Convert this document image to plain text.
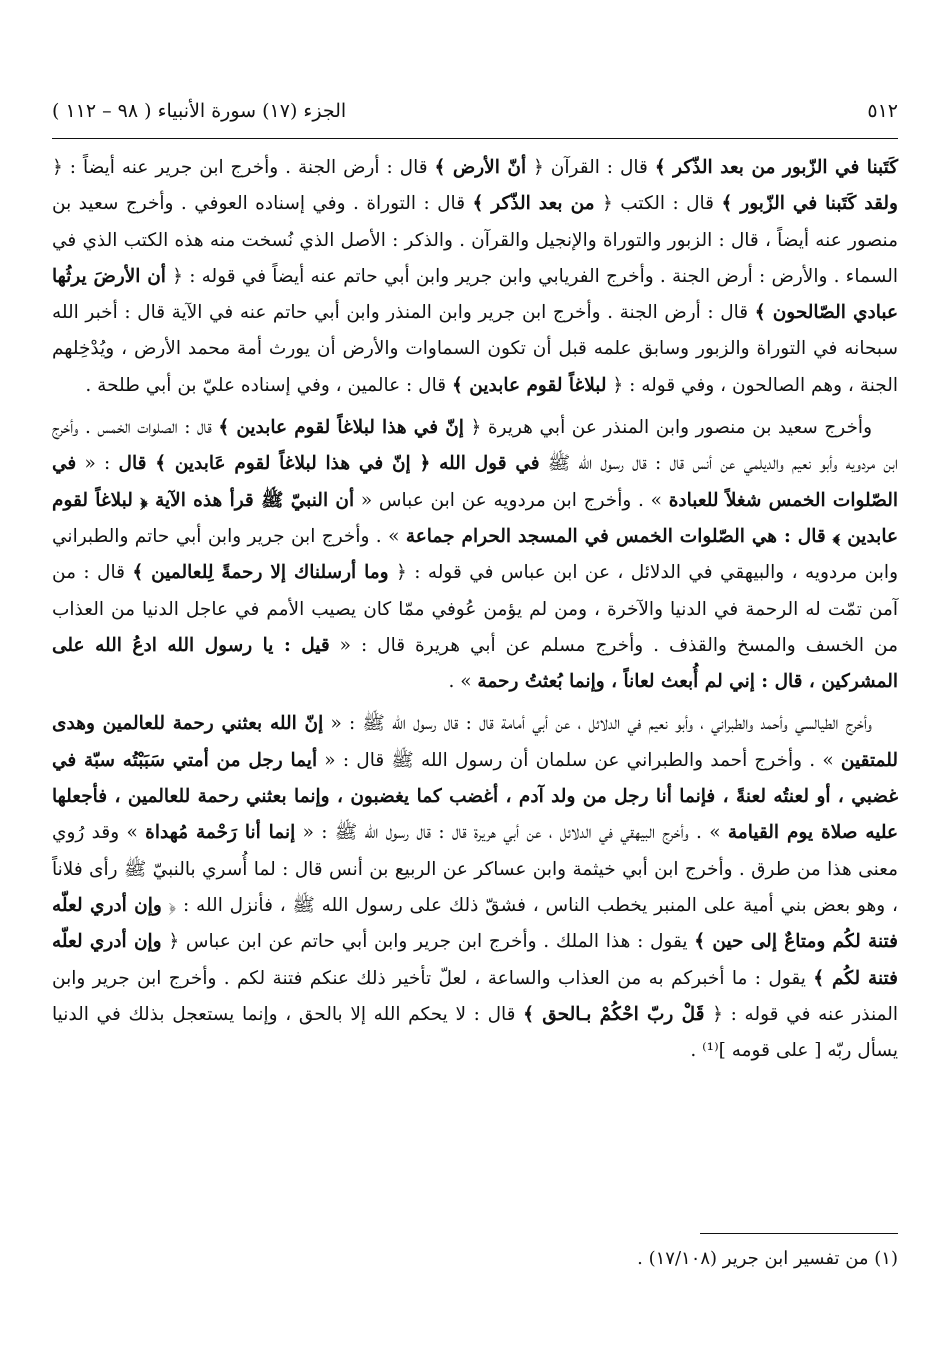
٥١٢
الجزء (١٧) سورة الأنبياء ( ٩٨ – ١١٢ )

كَتَبنا في الزّبور من بعد الذّكر ﴾ قال : القرآن ﴿ أنّ الأرض ﴾ قال : أرض الجنة . وأخرج ابن جرير عنه أيضاً : ﴿ ولقد كَتَبنا في الزّبور ﴾ قال : الكتب ﴿ من بعد الذّكر ﴾ قال : التوراة . وفي إسناده العوفي . وأخرج سعيد بن منصور عنه أيضاً ، قال : الزبور والتوراة والإنجيل والقرآن . والذكر : الأصل الذي نُسخت منه هذه الكتب الذي في السماء . والأرض : أرض الجنة . وأخرج الفريابي وابن جرير وابن أبي حاتم عنه أيضاً في قوله : ﴿ أن الأرضَ يرثُها عبادي الصّالحون ﴾ قال : أرض الجنة . وأخرج ابن جرير وابن المنذر وابن أبي حاتم عنه في الآية قال : أخبر الله سبحانه في التوراة والزبور وسابق علمه قبل أن تكون السماوات والأرض أن يورث أمة محمد الأرض ، ويُدْخِلهم الجنة ، وهم الصالحون ، وفي قوله : ﴿ لبلاغاً لقوم عابدين ﴾ قال : عالمين ، وفي إسناده عليّ بن أبي طلحة .

وأخرج سعيد بن منصور وابن المنذر عن أبي هريرة ﴿ إنّ في هذا لبلاغاً لقوم عابدين ﴾ قال : الصلوات الخمس . وأخرج ابن مردويه وأبو نعيم والديلمي عن أنس قال : قال رسول الله ﷺ في قول الله ﴿ إنّ في هذا لبلاغاً لقوم عَابدين ﴾ قال : « في الصّلوات الخمس شغلاً للعبادة » . وأخرج ابن مردويه عن ابن عباس « أن النبيّ ﷺ قرأ هذه الآية ﴿ لبلاغاً لقوم عابدين ﴾ قال : هي الصّلوات الخمس في المسجد الحرام جماعة » . وأخرج ابن جرير وابن أبي حاتم والطبراني وابن مردويه ، والبيهقي في الدلائل ، عن ابن عباس في قوله : ﴿ وما أرسلناك إلا رحمةً لِلعالمين ﴾ قال : من آمن تمّت له الرحمة في الدنيا والآخرة ، ومن لم يؤمن عُوفي ممّا كان يصيب الأمم في عاجل الدنيا من العذاب من الخسف والمسخ والقذف . وأخرج مسلم عن أبي هريرة قال : « قيل : يا رسول الله ادعُ الله على المشركين ، قال : إني لم أُبعث لعاناً ، وإنما بُعثتُ رحمة » .

وأخرج الطيالسي وأحمد والطبراني ، وأبو نعيم في الدلائل ، عن أبي أمامة قال : قال رسول الله ﷺ : « إنّ الله بعثني رحمة للعالمين وهدى للمتقين » . وأخرج أحمد والطبراني عن سلمان أن رسول الله ﷺ قال : « أيما رجل من أمتي سَبَبْتُه سبّة في غضبي ، أو لعنتُه لعنةً ، فإنما أنا رجل من ولد آدم ، أغضب كما يغضبون ، وإنما بعثني رحمة للعالمين ، فأجعلها عليه صلاة يوم القيامة » . وأخرج البيهقي في الدلائل ، عن أبي هريرة قال : قال رسول الله ﷺ : « إنما أنا رَحْمة مُهداة » وقد رُوي معنى هذا من طرق . وأخرج ابن أبي خيثمة وابن عساكر عن الربيع بن أنس قال : لما أُسري بالنبيّ ﷺ رأى فلاناً ، وهو بعض بني أمية على المنبر يخطب الناس ، فشقّ ذلك على رسول الله ﷺ ، فأنزل الله : ﴿ وإن أدري لعلّه فتنة لكُم ومتاعٌ إلى حين ﴾ يقول : هذا الملك . وأخرج ابن جرير وابن أبي حاتم عن ابن عباس ﴿ وإن أدري لعلّه فتنة لكُم ﴾ يقول : ما أخبركم به من العذاب والساعة ، لعلّ تأخير ذلك عنكم فتنة لكم . وأخرج ابن جرير وابن المنذر عنه في قوله : ﴿ قَلْ ربّ احْكُمْ بـالحق ﴾ قال : لا يحكم الله إلا بالحق ، وإنما يستعجل بذلك في الدنيا يسأل ربّه [ على قومه ]⁽¹⁾ .

(١) من تفسير ابن جرير (١٧/١٠٨) .
